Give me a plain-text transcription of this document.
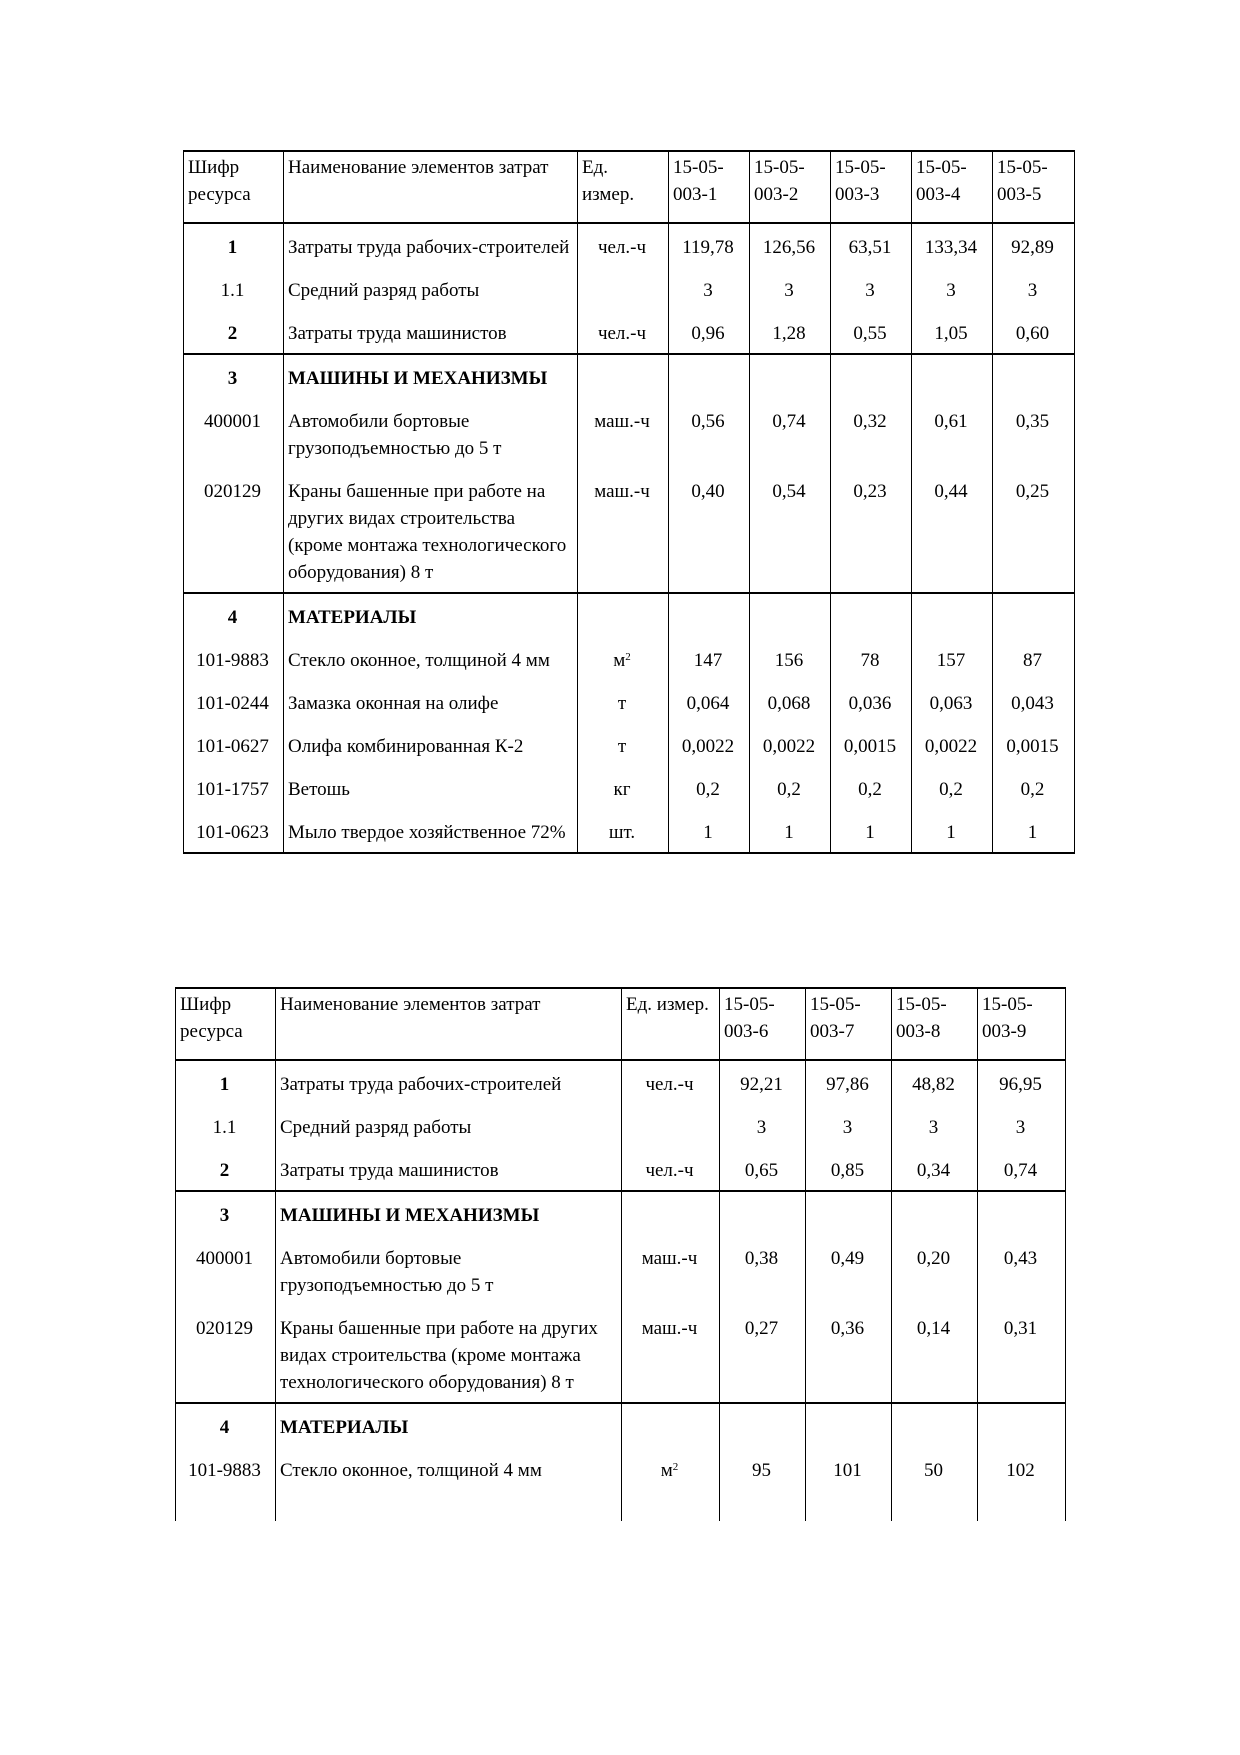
Шифр ресурса	Наименование элементов затрат	Ед. измер.	15-05-003-1	15-05-003-2	15-05-003-3	15-05-003-4	15-05-003-5
1	Затраты труда рабочих-строителей	чел.-ч	119,78	126,56	63,51	133,34	92,89
1.1	Средний разряд работы		3	3	3	3	3
2	Затраты труда машинистов	чел.-ч	0,96	1,28	0,55	1,05	0,60
3	МАШИНЫ И МЕХАНИЗМЫ						
400001	Автомобили бортовые грузоподъемностью до 5 т	маш.-ч	0,56	0,74	0,32	0,61	0,35
020129	Краны башенные при работе на других видах строительства (кроме монтажа технологического оборудования) 8 т	маш.-ч	0,40	0,54	0,23	0,44	0,25
4	МАТЕРИАЛЫ						
101-9883	Стекло оконное, толщиной 4 мм	$м^2$	147	156	78	157	87
101-0244	Замазка оконная на олифе	т	0,064	0,068	0,036	0,063	0,043
101-0627	Олифа комбинированная К-2	т	0,0022	0,0022	0,0015	0,0022	0,0015
101-1757	Ветошь	кг	0,2	0,2	0,2	0,2	0,2
101-0623	Мыло твердое хозяйственное 72%	шт.	1	1	1	1	1
Шифр ресурса	Наименование элементов затрат	Ед. измер.	15-05-003-6	15-05-003-7	15-05-003-8	15-05-003-9
1	Затраты труда рабочих-строителей	чел.-ч	92,21	97,86	48,82	96,95
1.1	Средний разряд работы		3	3	3	3
2	Затраты труда машинистов	чел.-ч	0,65	0,85	0,34	0,74
3	МАШИНЫ И МЕХАНИЗМЫ					
400001	Автомобили бортовые грузоподъемностью до 5 т	маш.-ч	0,38	0,49	0,20	0,43
020129	Краны башенные при работе на других видах строительства (кроме монтажа технологического оборудования) 8 т	маш.-ч	0,27	0,36	0,14	0,31
4	МАТЕРИАЛЫ					
101-9883	Стекло оконное, толщиной 4 мм	$м^2$	95	101	50	102
